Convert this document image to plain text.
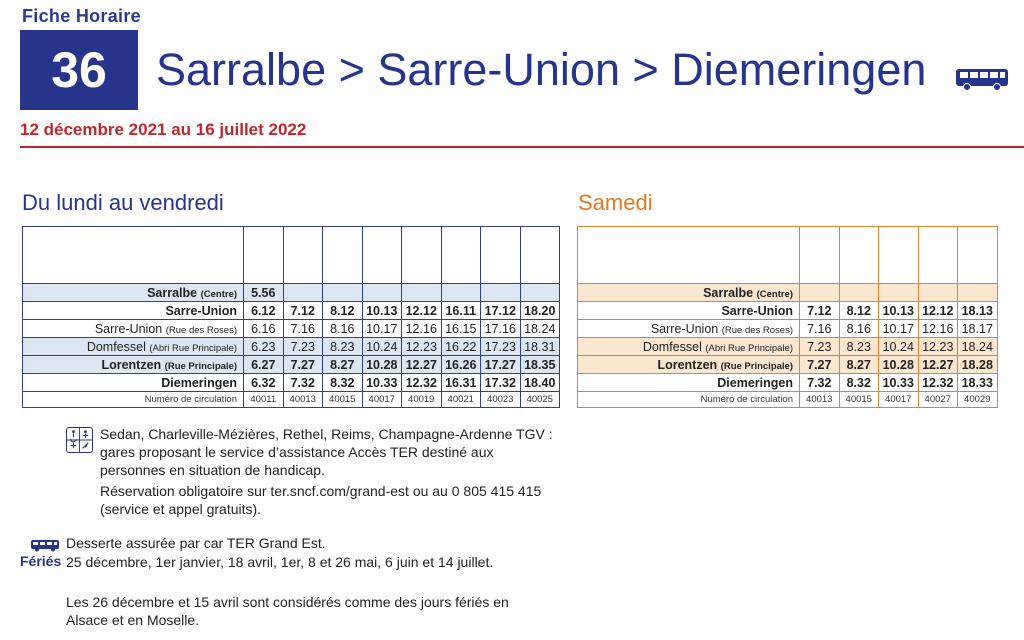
Fiche Horaire
36	Sarralbe > Sarre-Union > Diemeringen
12 décembre 2021 au 16 juillet 2022
Du lundi au vendredi	Samedi

Sarralbe (Centre)	5.56							
Sarre-Union	6.12	7.12	8.12	10.13	12.12	16.11	17.12	18.20
Sarre-Union (Rue des Roses)	6.16	7.16	8.16	10.17	12.16	16.15	17.16	18.24
Domfessel (Abri Rue Principale)	6.23	7.23	8.23	10.24	12.23	16.22	17.23	18.31
Lorentzen (Rue Principale)	6.27	7.27	8.27	10.28	12.27	16.26	17.27	18.35
Diemeringen	6.32	7.32	8.32	10.33	12.32	16.31	17.32	18.40
Numéro de circulation	40011	40013	40015	40017	40019	40021	40023	40025

Sarralbe (Centre)					
Sarre-Union	7.12	8.12	10.13	12.12	18.13
Sarre-Union (Rue des Roses)	7.16	8.16	10.17	12.16	18.17
Domfessel (Abri Rue Principale)	7.23	8.23	10.24	12.23	18.24
Lorentzen (Rue Principale)	7.27	8.27	10.28	12.27	18.28
Diemeringen	7.32	8.32	10.33	12.32	18.33
Numéro de circulation	40013	40015	40017	40027	40029
Sedan, Charleville-Mézières, Rethel, Reims, Champagne-Ardenne TGV : gares proposant le service d’assistance Accès TER destiné aux personnes en situation de handicap.
Réservation obligatoire sur ter.sncf.com/grand-est ou au 0 805 415 415 (service et appel gratuits).
Desserte assurée par car TER Grand Est.
Fériés 25 décembre, 1er janvier, 18 avril, 1er, 8 et 26 mai, 6 juin et 14 juillet.
Les 26 décembre et 15 avril sont considérés comme des jours fériés en Alsace et en Moselle.
